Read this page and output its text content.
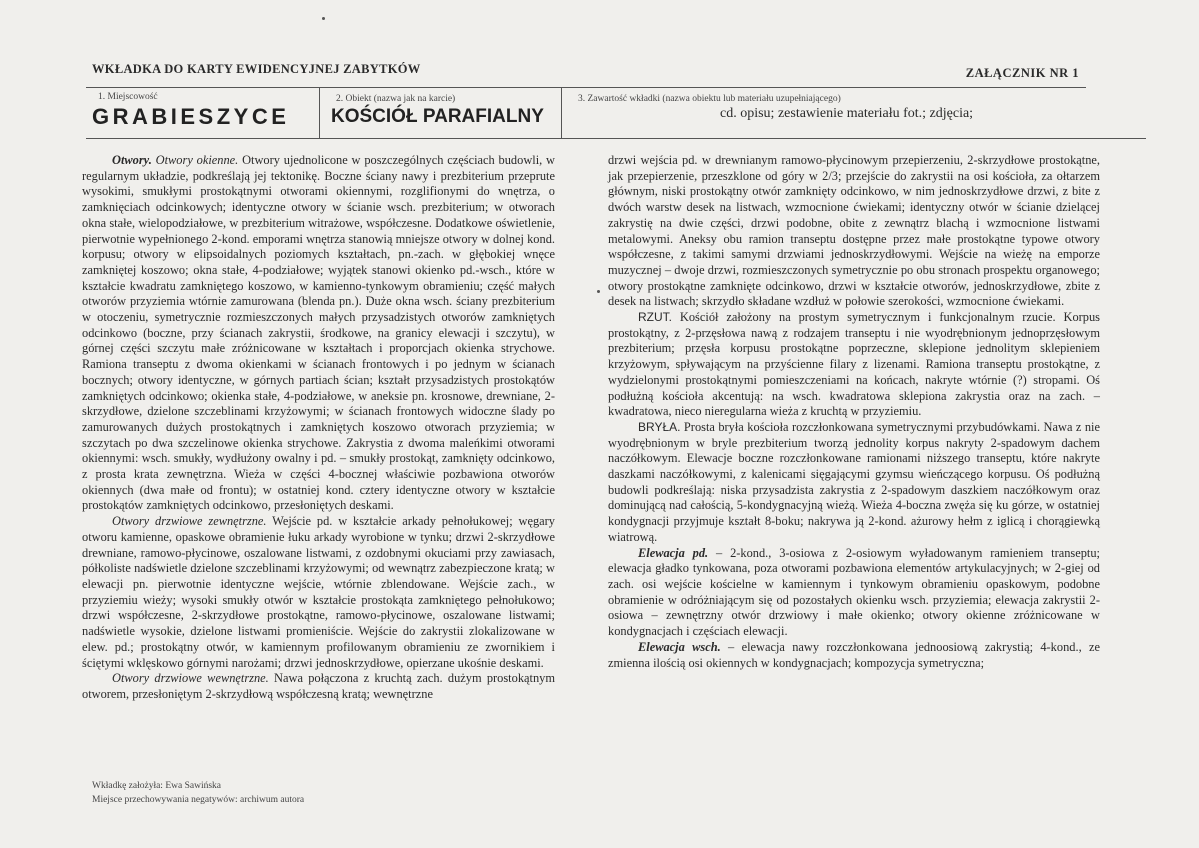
WKŁADKA DO KARTY EWIDENCYJNEJ ZABYTKÓW	ZAŁĄCZNIK NR 1
1. Miejscowość
GRABIESZYCE
2. Obiekt (nazwa jak na karcie)
KOŚCIÓŁ PARAFIALNY
3. Zawartość wkładki (nazwa obiektu lub materiału uzupełniającego)
cd. opisu; zestawienie materiału fot.; zdjęcia;

Otwory. Otwory okienne. Otwory ujednolicone w poszczególnych częściach budowli, w regularnym układzie, podkreślają jej tektonikę. Boczne ściany nawy i prezbiterium przeprute wysokimi, smukłymi prostokątnymi otworami okiennymi, rozglifionymi do wnętrza, o zamknięciach odcinkowych; identyczne otwory w ścianie wsch. prezbiterium; w otworach okna stałe, wielopodziałowe, w prezbiterium witrażowe, współczesne. Dodatkowe oświetlenie, pierwotnie wypełnionego 2-kond. emporami wnętrza stanowią mniejsze otwory w dolnej kond. korpusu; otwory w elipsoidalnych poziomych kształtach, pn.-zach. w głębokiej wnęce zamkniętej koszowo; okna stałe, 4-podziałowe; wyjątek stanowi okienko pd.-wsch., które w kształcie kwadratu zamkniętego koszowo, w kamienno-tynkowym obramieniu; część małych otworów przyziemia wtórnie zamurowana (blenda pn.). Duże okna wsch. ściany prezbiterium w otoczeniu, symetrycznie rozmieszczonych małych przysadzistych otworów zamkniętych odcinkowo (boczne, przy ścianach zakrystii, środkowe, na granicy elewacji i szczytu), w górnej części szczytu małe zróżnicowane w kształtach i proporcjach okienka strychowe. Ramiona transeptu z dwoma okienkami w ścianach frontowych i po jednym w ścianach bocznych; otwory identyczne, w górnych partiach ścian; kształt przysadzistych prostokątów zamkniętych odcinkowo; okienka stałe, 4-podziałowe, w aneksie pn. krosnowe, drewniane, 2-skrzydłowe, dzielone szczeblinami krzyżowymi; w ścianach frontowych widoczne ślady po zamurowanych dużych prostokątnych i zamkniętych koszowo otworach przyziemia; w szczytach po dwa szczelinowe okienka strychowe. Zakrystia z dwoma maleńkimi otworami okiennymi: wsch. smukły, wydłużony owalny i pd. – smukły prostokąt, zamknięty odcinkowo, z prosta krata zewnętrzna. Wieża w części 4-bocznej właściwie pozbawiona otworów okiennych (dwa małe od frontu); w ostatniej kond. cztery identyczne otwory w kształcie prostokątów zamkniętych odcinkowo, przesłoniętych deskami.

Otwory drzwiowe zewnętrzne. Wejście pd. w kształcie arkady pełnołukowej; węgary otworu kamienne, opaskowe obramienie łuku arkady wyrobione w tynku; drzwi 2-skrzydłowe drewniane, ramowo-płycinowe, oszalowane listwami, z ozdobnymi okuciami przy zawiasach, półkoliste nadświetle dzielone szczeblinami krzyżowymi; od wewnątrz zabezpieczone kratą; w elewacji pn. pierwotnie identyczne wejście, wtórnie zblendowane. Wejście zach., w przyziemiu wieży; wysoki smukły otwór w kształcie prostokąta zamkniętego pełnołukowo; drzwi współczesne, 2-skrzydłowe prostokątne, ramowo-płycinowe, oszalowane listwami; nadświetle wysokie, dzielone listwami promieniście. Wejście do zakrystii zlokalizowane w elew. pd.; prostokątny otwór, w kamiennym profilowanym obramieniu ze zwornikiem i ściętymi wklęskowo górnymi narożami; drzwi jednoskrzydłowe, opierzane ukośnie deskami.

Otwory drzwiowe wewnętrzne. Nawa połączona z kruchtą zach. dużym prostokątnym otworem, przesłoniętym 2-skrzydłową współczesną kratą; wewnętrzne

drzwi wejścia pd. w drewnianym ramowo-płycinowym przepierzeniu, 2-skrzydłowe prostokątne, jak przepierzenie, przeszklone od góry w 2/3; przejście do zakrystii na osi kościoła, za ołtarzem głównym, niski prostokątny otwór zamknięty odcinkowo, w nim jednoskrzydłowe drzwi, z bite z dwóch warstw desek na listwach, wzmocnione ćwiekami; identyczny otwór w ścianie dzielącej zakrystię na dwie części, drzwi podobne, obite z zewnątrz blachą i wzmocnione listwami metalowymi. Aneksy obu ramion transeptu dostępne przez małe prostokątne typowe otwory współczesne, z takimi samymi drzwiami jednoskrzydłowymi. Wejście na wieżę na emporze muzycznej – dwoje drzwi, rozmieszczonych symetrycznie po obu stronach prospektu organowego; otwory prostokątne zamknięte odcinkowo, drzwi w kształcie otworów, jednoskrzydłowe, zbite z desek na listwach; skrzydło składane wzdłuż w połowie szerokości, wzmocnione ćwiekami.

RZUT. Kościół założony na prostym symetrycznym i funkcjonalnym rzucie. Korpus prostokątny, z 2-przęsłowa nawą z rodzajem transeptu i nie wyodrębnionym jednoprzęsłowym prezbiterium; przęsła korpusu prostokątne poprzeczne, sklepione jednolitym sklepieniem krzyżowym, spływającym na przyścienne filary z lizenami. Ramiona transeptu prostokątne, z wydzielonymi prostokątnymi pomieszczeniami na końcach, nakryte wtórnie (?) stropami. Oś podłużną kościoła akcentują: na wsch. kwadratowa sklepiona zakrystia oraz na zach. – kwadratowa, nieco nieregularna wieża z kruchtą w przyziemiu.

BRYŁA. Prosta bryła kościoła rozczłonkowana symetrycznymi przybudówkami. Nawa z nie wyodrębnionym w bryle prezbiterium tworzą jednolity korpus nakryty 2-spadowym dachem naczółkowym. Elewacje boczne rozczłonkowane ramionami niższego transeptu, które nakryte daszkami naczółkowymi, z kalenicami sięgającymi gzymsu wieńczącego korpusu. Oś podłużną budowli podkreślają: niska przysadzista zakrystia z 2-spadowym daszkiem naczółkowym oraz dominującą nad całością, 5-kondygnacyjną wieżą. Wieża 4-boczna zwęża się ku górze, w ostatniej kondygnacji przyjmuje kształt 8-boku; nakrywa ją 2-kond. ażurowy hełm z iglicą i chorągiewką wiatrową.

Elewacja pd. – 2-kond., 3-osiowa z 2-osiowym wyładowanym ramieniem transeptu; elewacja gładko tynkowana, poza otworami pozbawiona elementów artykulacyjnych; w 2-giej od zach. osi wejście kościelne w kamiennym i tynkowym obramieniu opaskowym, podobne obramienie w odróżniającym się od pozostałych okienku wsch. przyziemia; elewacja zakrystii 2-osiowa – zewnętrzny otwór drzwiowy i małe okienko; otwory okienne zróżnicowane w kondygnacjach i częściach elewacji.

Elewacja wsch. – elewacja nawy rozczłonkowana jednoosiową zakrystią; 4-kond., ze zmienna ilością osi okiennych w kondygnacjach; kompozycja symetryczna;

Wkładkę założyła: Ewa Sawińska
Miejsce przechowywania negatywów: archiwum autora
